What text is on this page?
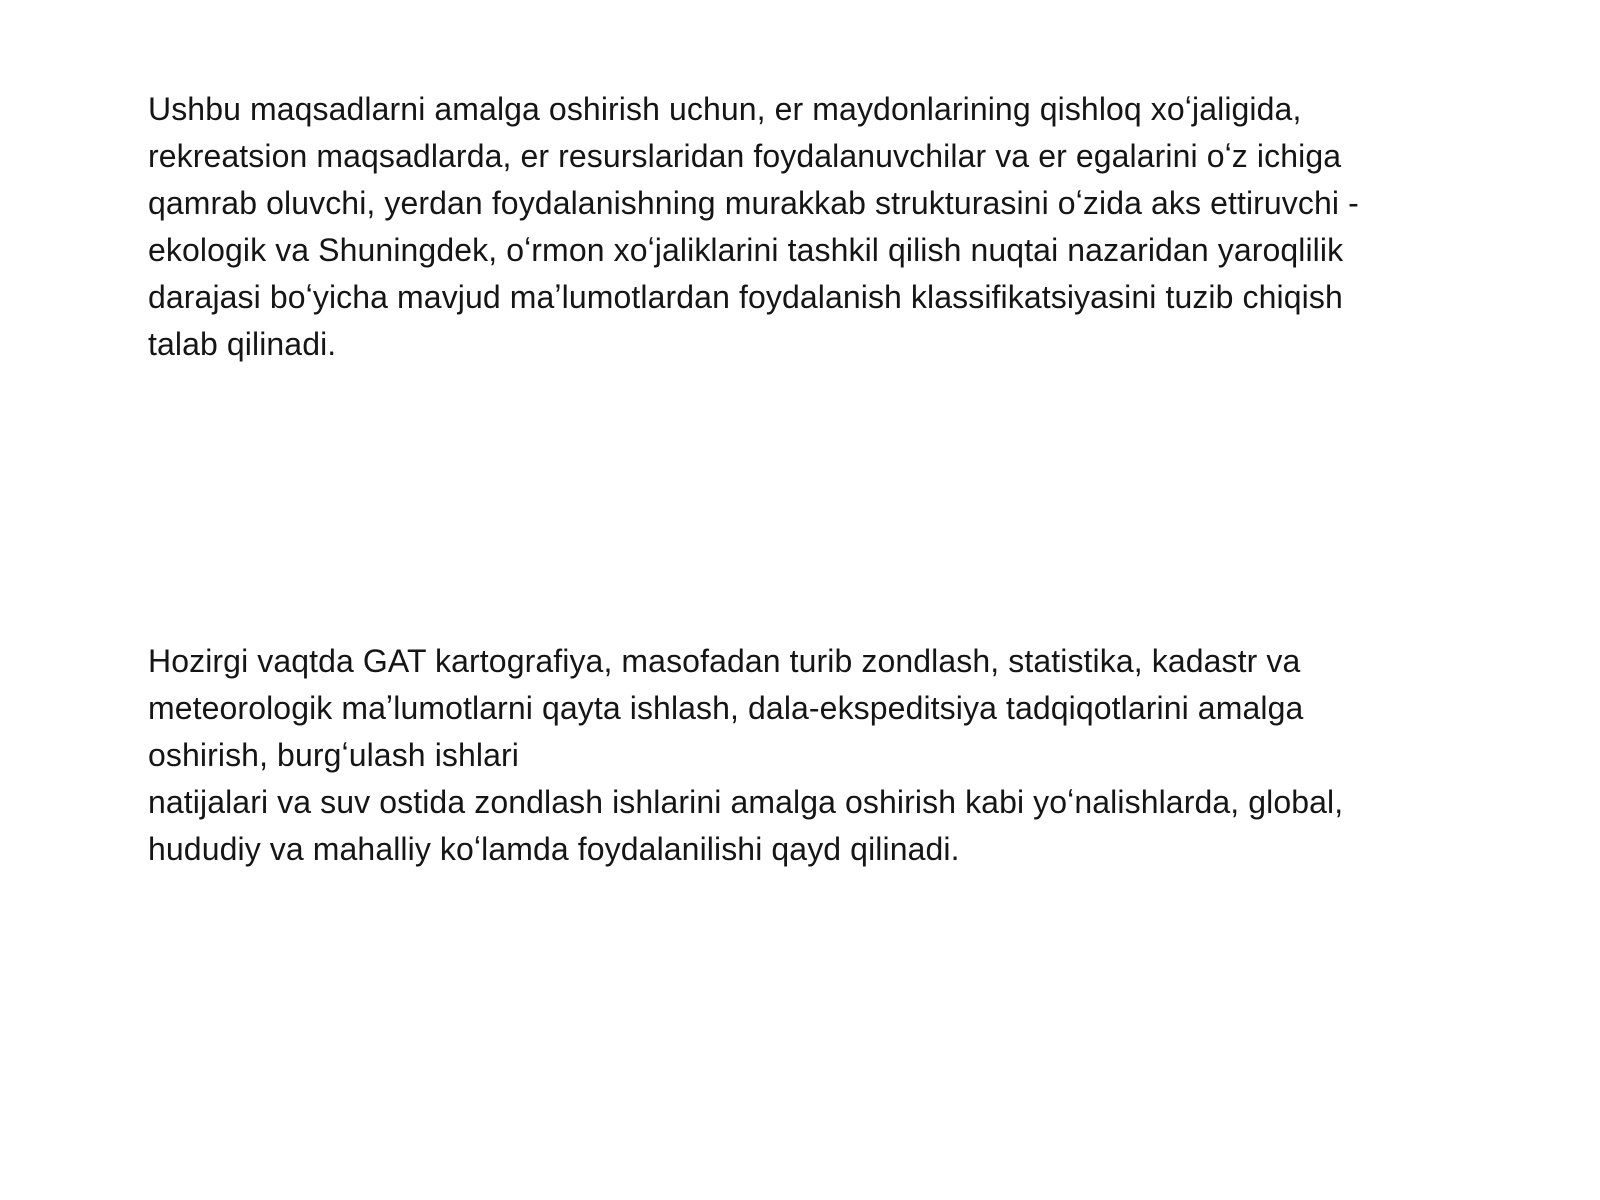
Ushbu maqsadlarni amalga oshirish uchun, er maydonlarining qishloq xoʻjaligida,
rekreatsion maqsadlarda, er resurslaridan foydalanuvchilar va er egalarini oʻz ichiga
qamrab oluvchi, yerdan foydalanishning murakkab strukturasini oʻzida aks ettiruvchi -
ekologik va Shuningdek, oʻrmon xoʻjaliklarini tashkil qilish nuqtai nazaridan yaroqlilik
darajasi boʻyicha mavjud maʼlumotlardan foydalanish klassifikatsiyasini tuzib chiqish
talab qilinadi.
Hozirgi vaqtda GAT kartografiya, masofadan turib zondlash, statistika, kadastr va
meteorologik maʼlumotlarni qayta ishlash, dala-ekspeditsiya tadqiqotlarini amalga
oshirish, burgʻulash ishlari
natijalari va suv ostida zondlash ishlarini amalga oshirish kabi yoʻnalishlarda, global,
hududiy va mahalliy koʻlamda foydalanilishi qayd qilinadi.
